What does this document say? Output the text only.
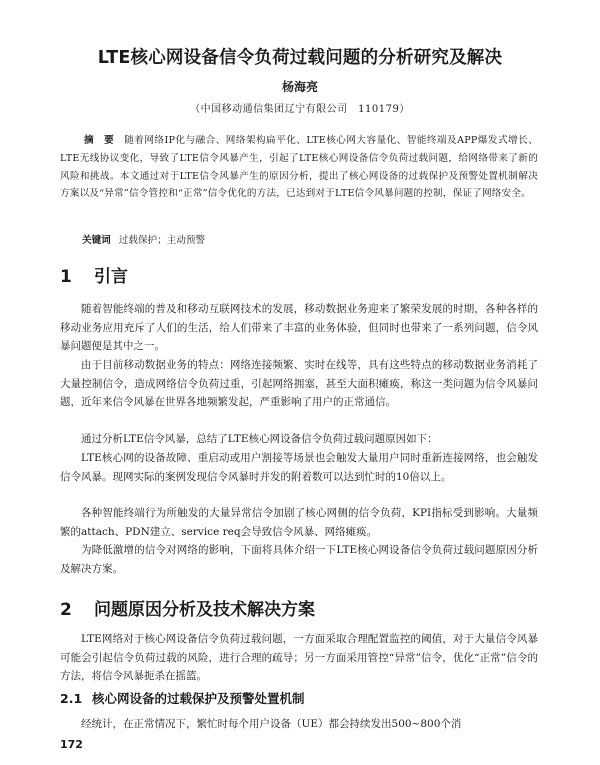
LTE核心网设备信令负荷过载问题的分析研究及解决
杨海亮
（中国移动通信集团辽宁有限公司　110179）
摘　要 随着网络IP化与融合、网络架构扁平化、LTE核心网大容量化、智能终端及APP爆发式增长、LTE无线协议变化，导致了LTE信令风暴产生，引起了LTE核心网设备信令负荷过载问题，给网络带来了新的风险和挑战。本文通过对于LTE信令风暴产生的原因分析，提出了核心网设备的过载保护及预警处置机制解决方案以及“异常”信令管控和“正常”信令优化的方法，已达到对于LTE信令风暴问题的控制，保证了网络安全。
关键词 过载保护；主动预警
1 引言
随着智能终端的普及和移动互联网技术的发展，移动数据业务迎来了繁荣发展的时期，各种各样的移动业务应用充斥了人们的生活，给人们带来了丰富的业务体验，但同时也带来了一系列问题，信令风暴问题便是其中之一。
由于目前移动数据业务的特点：网络连接频繁、实时在线等，具有这些特点的移动数据业务消耗了大量控制信令，造成网络信令负荷过重，引起网络拥塞，甚至大面积瘫痪，称这一类问题为信令风暴问题，近年来信令风暴在世界各地频繁发起，严重影响了用户的正常通信。
通过分析LTE信令风暴，总结了LTE核心网设备信令负荷过载问题原因如下：
LTE核心网的设备故障、重启动或用户割接等场景也会触发大量用户同时重新连接网络，也会触发信令风暴。现网实际的案例发现信令风暴时并发的附着数可以达到忙时的10倍以上。
各种智能终端行为所触发的大量异常信令加剧了核心网侧的信令负荷，KPI指标受到影响。大量频繁的attach、PDN建立、service req会导致信令风暴、网络瘫痪。
为降低激增的信令对网络的影响，下面将具体介绍一下LTE核心网设备信令负荷过载问题原因分析及解决方案。
2 问题原因分析及技术解决方案
LTE网络对于核心网设备信令负荷过载问题，一方面采取合理配置监控的阈值，对于大量信令风暴可能会引起信令负荷过载的风险，进行合理的疏导；另一方面采用管控“异常”信令，优化“正常”信令的方法，将信令风暴扼杀在摇篮。
2.1 核心网设备的过载保护及预警处置机制
经统计，在正常情况下，繁忙时每个用户设备（UE）都会持续发出500~800个消
172
